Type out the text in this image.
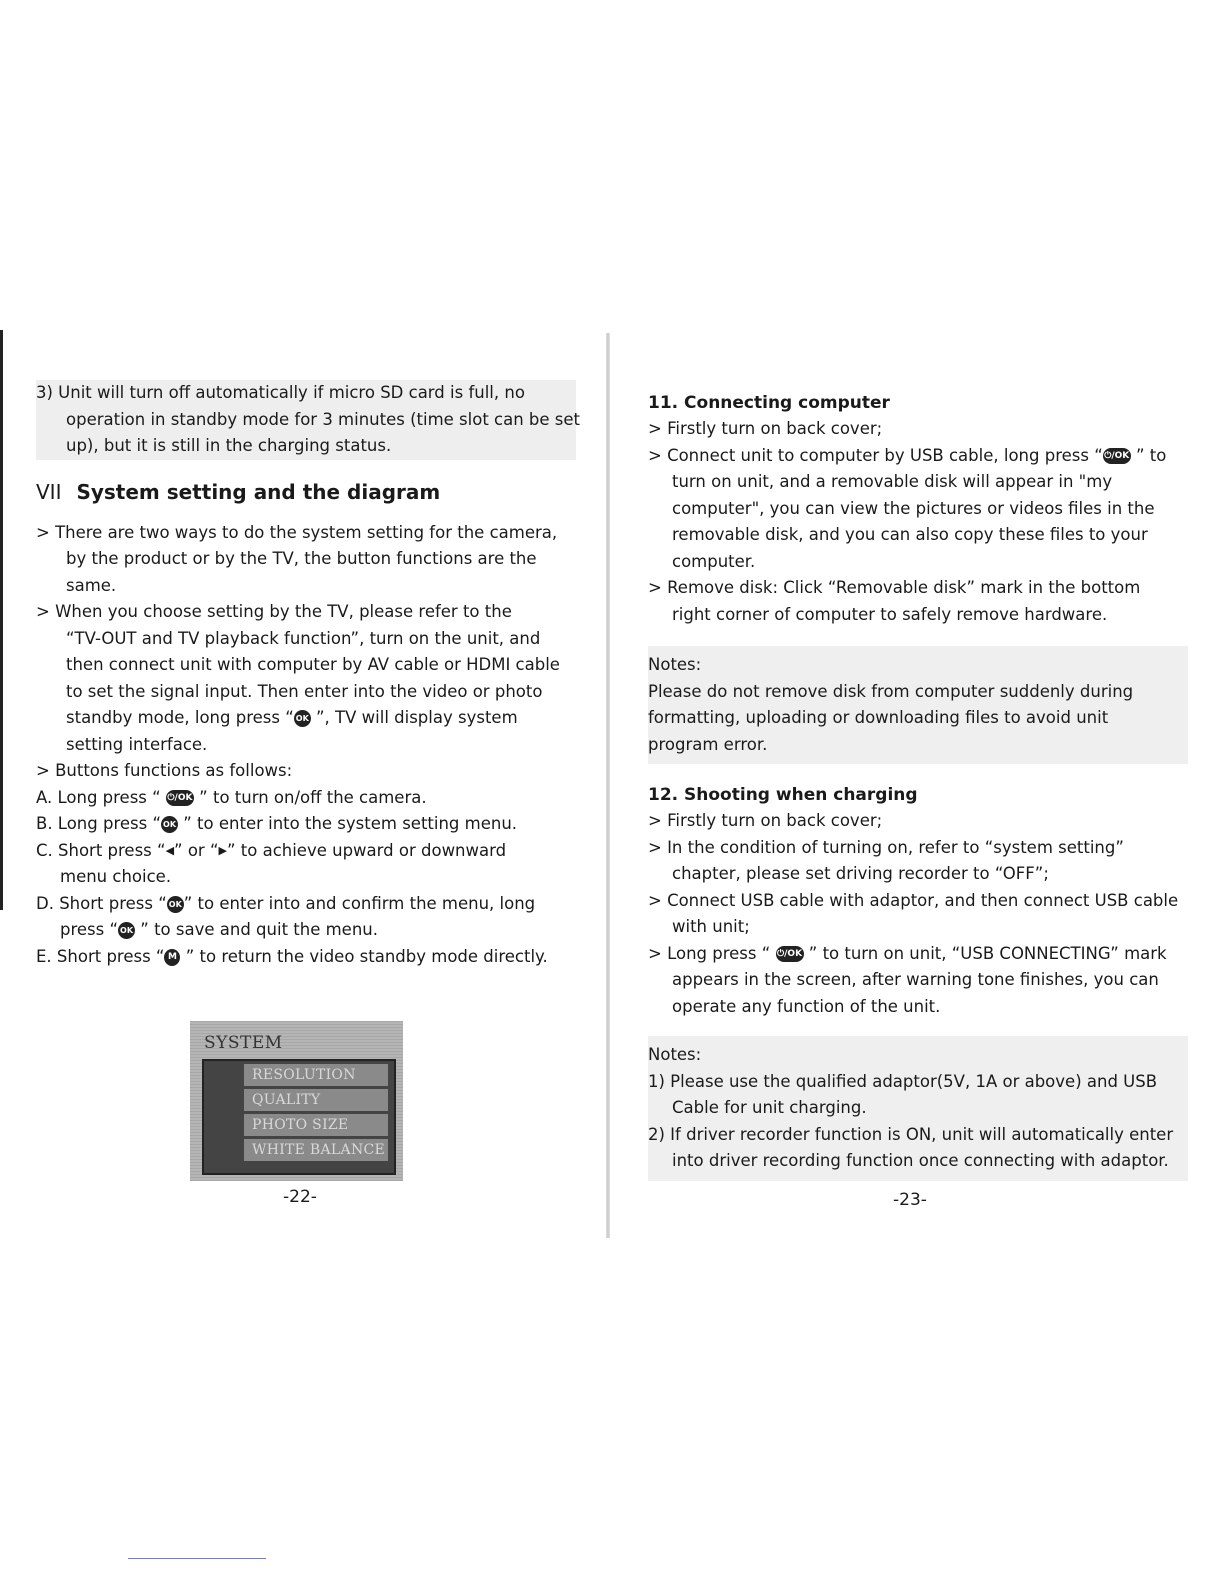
3) Unit will turn off automatically if micro SD card is full, no
operation in standby mode for 3 minutes (time slot can be set
up), but it is still in the charging status.
VII System setting and the diagram
> There are two ways to do the system setting for the camera,
by the product or by the TV, the button functions are the
same.
> When you choose setting by the TV, please refer to the
“TV-OUT and TV playback function”, turn on the unit, and
then connect unit with computer by AV cable or HDMI cable
to set the signal input. Then enter into the video or photo
standby mode, long press “ OK ”, TV will display system
setting interface.
> Buttons functions as follows:
A. Long press “ ⏻/OK ” to turn on/off the camera.
B. Long press “ OK ” to enter into the system setting menu.
C. Short press “◀” or “▶” to achieve upward or downward
menu choice.
D. Short press “ OK ” to enter into and confirm the menu, long
press “ OK ” to save and quit the menu.
E. Short press “ M ” to return the video standby mode directly.
SYSTEM
RESOLUTION
QUALITY
PHOTO SIZE
WHITE BALANCE
-22-
11. Connecting computer
> Firstly turn on back cover;
> Connect unit to computer by USB cable, long press “⏻/OK ” to
turn on unit, and a removable disk will appear in "my
computer", you can view the pictures or videos files in the
removable disk, and you can also copy these files to your
computer.
> Remove disk: Click “Removable disk” mark in the bottom
right corner of computer to safely remove hardware.
Notes:
Please do not remove disk from computer suddenly during
formatting, uploading or downloading files to avoid unit
program error.
12. Shooting when charging
> Firstly turn on back cover;
> In the condition of turning on, refer to “system setting”
chapter, please set driving recorder to “OFF”;
> Connect USB cable with adaptor, and then connect USB cable
with unit;
> Long press “ ⏻/OK ” to turn on unit, “USB CONNECTING” mark
appears in the screen, after warning tone finishes, you can
operate any function of the unit.
Notes:
1) Please use the qualified adaptor(5V, 1A or above) and USB
Cable for unit charging.
2) If driver recorder function is ON, unit will automatically enter
into driver recording function once connecting with adaptor.
-23-
